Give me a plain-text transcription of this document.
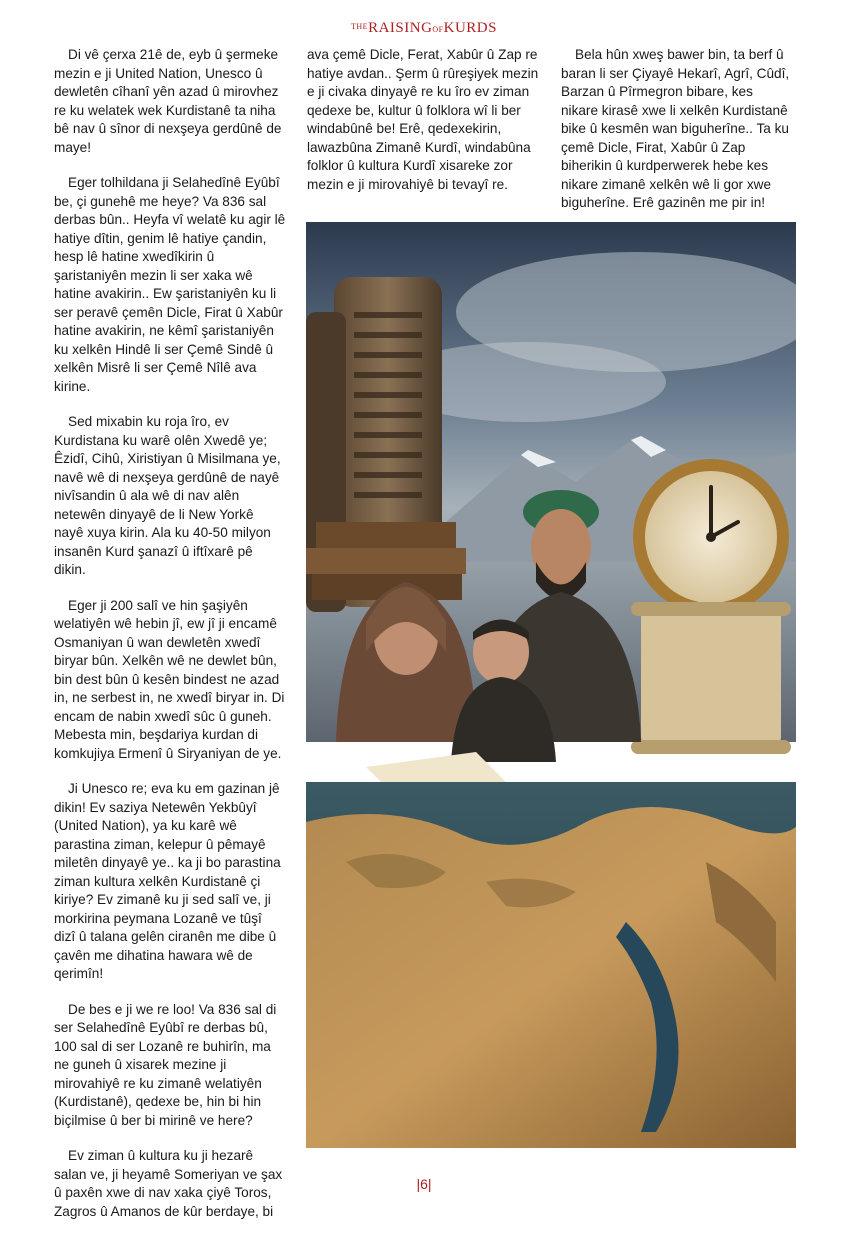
$^{THE}$RAISINGOFKURDS

Di vê çerxa 21ê de, eyb û şermeke mezin e ji United Nation, Unesco û dewletên cîhanî yên azad û mirovhez re ku welatek wek Kurdistanê ta niha bê nav û sînor di nexşeya gerdûnê de maye!

Eger tolhildana ji Selahedînê Eyûbî be, çi gunehê me heye? Va 836 sal derbas bûn.. Heyfa vî welatê ku agir lê hatiye dîtin, genim lê hatiye çandin, hesp lê hatine xwedîkirin û şaristaniyên mezin li ser xaka wê hatine avakirin.. Ew şaristaniyên ku li ser peravê çemên Dicle, Firat û Xabûr hatine avakirin, ne kêmî şaristaniyên ku xelkên Hindê li ser Çemê Sindê û xelkên Misrê li ser Çemê Nîlê ava kirine.

Sed mixabin ku roja îro, ev Kurdistana ku warê olên Xwedê ye; Êzidî, Cihû, Xiristiyan û Misilmana ye, navê wê di nexşeya gerdûnê de nayê nivîsandin û ala wê di nav alên netewên dinyayê de li New Yorkê nayê xuya kirin. Ala ku 40-50 milyon insanên Kurd şanazî û iftîxarê pê dikin.

Eger ji 200 salî ve hin şaşiyên welatiyên wê hebin jî, ew jî ji encamê Osmaniyan û wan dewletên xwedî biryar bûn. Xelkên wê ne dewlet bûn, bin dest bûn û kesên bindest ne azad in, ne serbest in, ne xwedî biryar in. Di encam de nabin xwedî sûc û guneh. Mebesta min, beşdariya kurdan di komkujiya Ermenî û Siryaniyan de ye.

Ji Unesco re; eva ku em gazinan jê dikin! Ev saziya Netewên Yekbûyî (United Nation), ya ku karê wê parastina ziman, kelepur û pêmayê miletên dinyayê ye.. ka ji bo parastina ziman kultura xelkên Kurdistanê çi kiriye? Ev zimanê ku ji sed salî ve, ji morkirina peymana Lozanê ve tûşî dizî û talana gelên ciranên me dibe û çavên me dihatina hawara wê de qerimîn!

De bes e ji we re loo! Va 836 sal di ser Selahedînê Eyûbî re derbas bû, 100 sal di ser Lozanê re buhirîn, ma ne guneh û xisarek mezine ji mirovahiyê re ku zimanê welatiyên (Kurdistanê), qedexe be, hin bi hin biçilmise û ber bi mirinê ve here?

Ev ziman û kultura ku ji hezarê salan ve, ji heyamê Someriyan ve şax û paxên xwe di nav xaka çiyê Toros, Zagros û Amanos de kûr berdaye, bi

ava çemê Dicle, Ferat, Xabûr û Zap re hatiye avdan.. Şerm û rûreşiyek mezin e ji civaka dinyayê re ku îro ev ziman qedexe be, kultur û folklora wî li ber windabûnê be! Erê, qedexekirin, lawazbûna Zimanê Kurdî, windabûna folklor û kultura Kurdî xisareke zor mezin e ji mirovahiyê bi tevayî re.

Bela hûn xweş bawer bin, ta berf û baran li ser Çiyayê Hekarî, Agrî, Cûdî, Barzan û Pîrmegron bibare, kes nikare kirasê xwe li xelkên Kurdistanê bike û kesmên wan biguherîne.. Ta ku çemê Dicle, Firat, Xabûr û Zap biherikin û kurdperwerek hebe kes nikare zimanê xelkên wê li gor xwe biguherîne. Erê gazinên me pir in!

|6|
